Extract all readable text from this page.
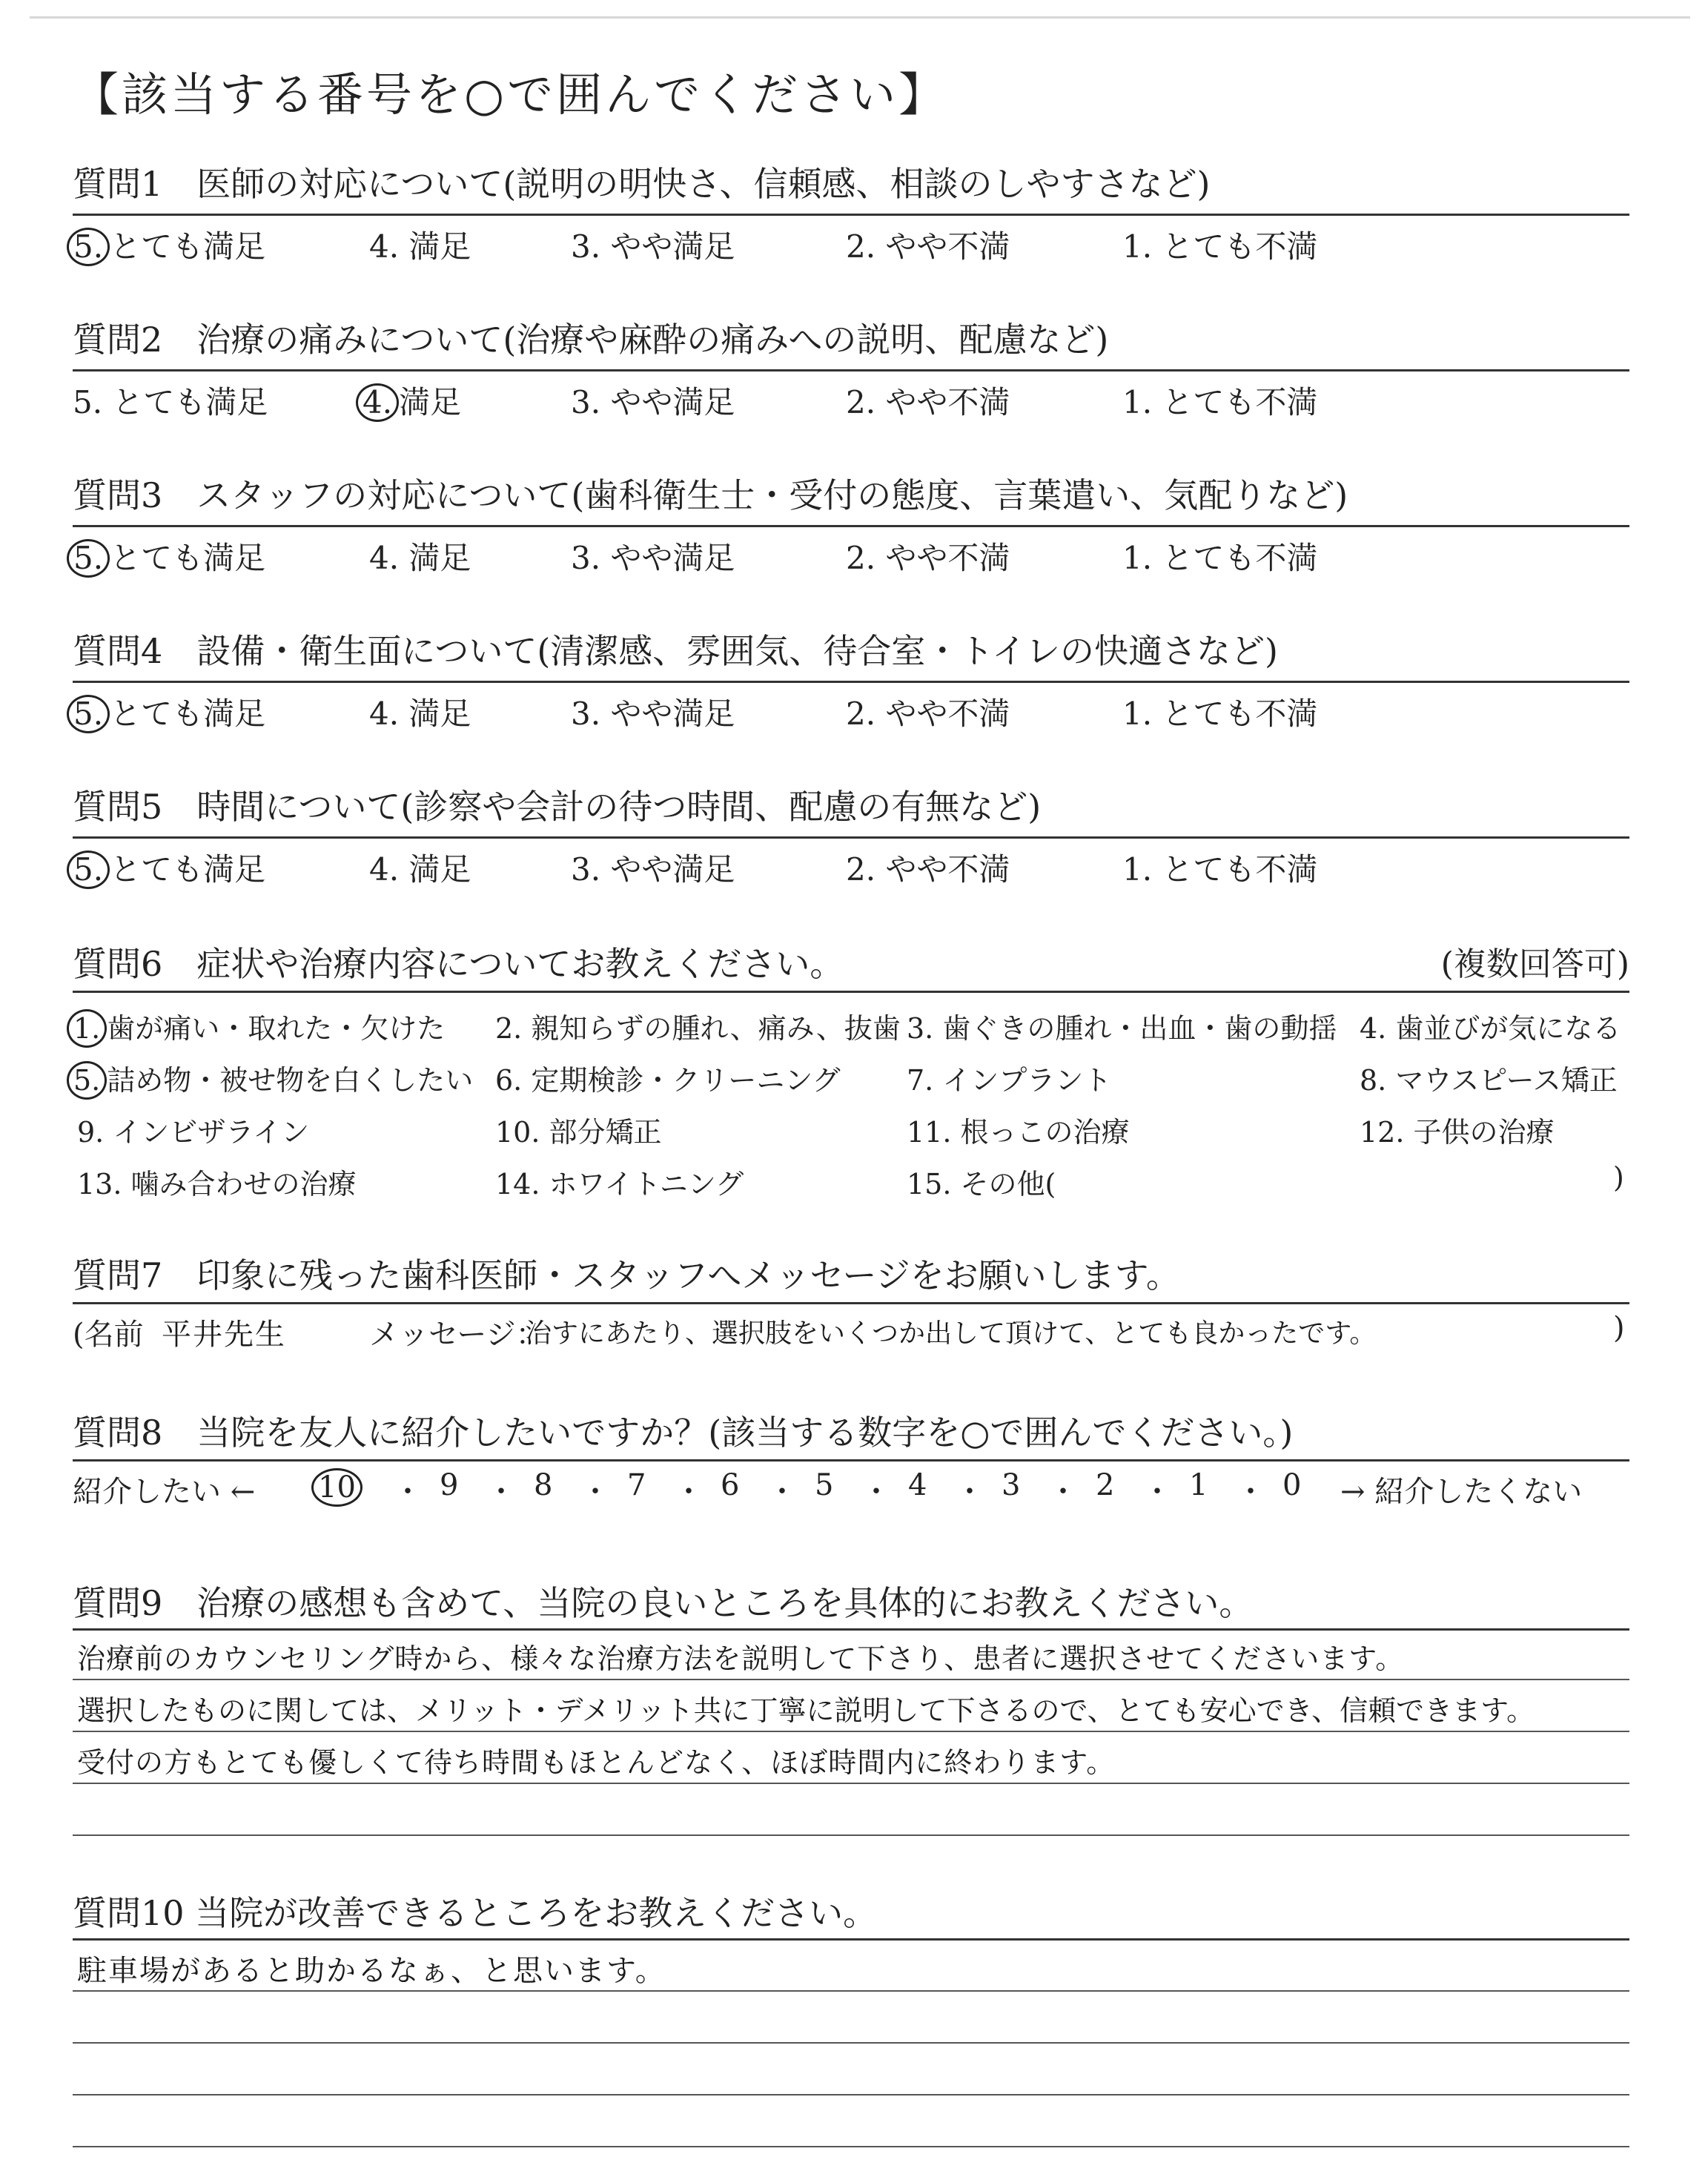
【該当する番号を○で囲んでください】
質問1　医師の対応について(説明の明快さ、信頼感、相談のしやすさなど)
5. とても満足	4. 満足	3. やや満足	2. やや不満	1. とても不満
質問2　治療の痛みについて(治療や麻酔の痛みへの説明、配慮など)
5. とても満足	4. 満足	3. やや満足	2. やや不満	1. とても不満
質問3　スタッフの対応について(歯科衛生士・受付の態度、言葉遣い、気配りなど)
5. とても満足	4. 満足	3. やや満足	2. やや不満	1. とても不満
質問4　設備・衛生面について(清潔感、雰囲気、待合室・トイレの快適さなど)
5. とても満足	4. 満足	3. やや満足	2. やや不満	1. とても不満
質問5　時間について(診察や会計の待つ時間、配慮の有無など)
5. とても満足	4. 満足	3. やや満足	2. やや不満	1. とても不満
質問6　症状や治療内容についてお教えください。	(複数回答可)
1. 歯が痛い・取れた・欠けた 2. 親知らずの腫れ、痛み、抜歯 3. 歯ぐきの腫れ・出血・歯の動揺 4. 歯並びが気になる
5. 詰め物・被せ物を白くしたい 6. 定期検診・クリーニング 7. インプラント	8. マウスピース矯正
9. インビザライン	10. 部分矯正	11. 根っこの治療	12. 子供の治療
13. 噛み合わせの治療	14. ホワイトニング	15. その他(	)
質問7　印象に残った歯科医師・スタッフへメッセージをお願いします。
(名前 平井先生	メッセージ：
治すにあたり、選択肢をいくつか出して頂けて、とても良かったです。	)
質問8　当院を友人に紹介したいですか？(該当する数字を○で囲んでください。)
紹介したい ← 10 ・ 9 ・ 8 ・ 7 ・ 6 ・ 5 ・ 4 ・ 3 ・ 2 ・ 1 ・ 0 → 紹介したくない
質問9　治療の感想も含めて、当院の良いところを具体的にお教えください。
治療前のカウンセリング時から、様々な治療方法を説明して下さり、患者に選択させてくださいます。
選択したものに関しては、メリット・デメリット共に丁寧に説明して下さるので、とても安心でき、信頼できます。
受付の方もとても優しくて待ち時間もほとんどなく、ほぼ時間内に終わります。
質問10 当院が改善できるところをお教えください。
駐車場があると助かるなぁ、と思います。
